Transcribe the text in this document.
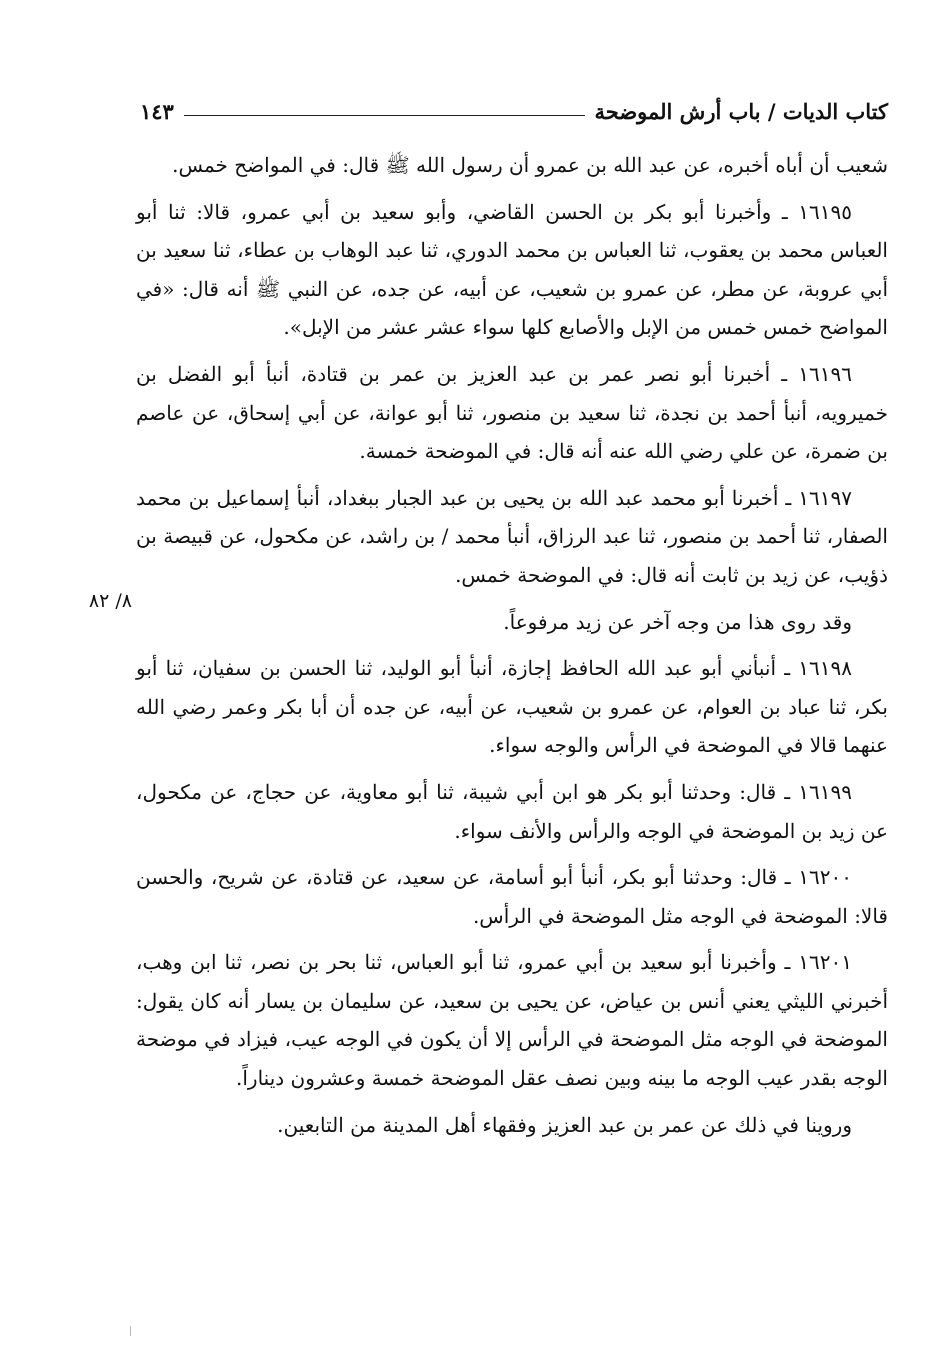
كتاب الديات / باب أرش الموضحة
١٤٣
٨/ ٨٢

شعيب أن أباه أخبره، عن عبد الله بن عمرو أن رسول الله ﷺ قال: في المواضح خمس.

١٦١٩٥ ـ وأخبرنا أبو بكر بن الحسن القاضي، وأبو سعيد بن أبي عمرو، قالا: ثنا أبو العباس محمد بن يعقوب، ثنا العباس بن محمد الدوري، ثنا عبد الوهاب بن عطاء، ثنا سعيد بن أبي عروبة، عن مطر، عن عمرو بن شعيب، عن أبيه، عن جده، عن النبي ﷺ أنه قال: «في المواضح خمس خمس من الإبل والأصابع كلها سواء عشر عشر من الإبل».

١٦١٩٦ ـ أخبرنا أبو نصر عمر بن عبد العزيز بن عمر بن قتادة، أنبأ أبو الفضل بن خميرويه، أنبأ أحمد بن نجدة، ثنا سعيد بن منصور، ثنا أبو عوانة، عن أبي إسحاق، عن عاصم بن ضمرة، عن علي رضي الله عنه أنه قال: في الموضحة خمسة.

١٦١٩٧ ـ أخبرنا أبو محمد عبد الله بن يحيى بن عبد الجبار ببغداد، أنبأ إسماعيل بن محمد الصفار، ثنا أحمد بن منصور، ثنا عبد الرزاق، أنبأ محمد / بن راشد، عن مكحول، عن قبيصة بن ذؤيب، عن زيد بن ثابت أنه قال: في الموضحة خمس.

وقد روى هذا من وجه آخر عن زيد مرفوعاً.

١٦١٩٨ ـ أنبأني أبو عبد الله الحافظ إجازة، أنبأ أبو الوليد، ثنا الحسن بن سفيان، ثنا أبو بكر، ثنا عباد بن العوام، عن عمرو بن شعيب، عن أبيه، عن جده أن أبا بكر وعمر رضي الله عنهما قالا في الموضحة في الرأس والوجه سواء.

١٦١٩٩ ـ قال: وحدثنا أبو بكر هو ابن أبي شيبة، ثنا أبو معاوية، عن حجاج، عن مكحول، عن زيد بن الموضحة في الوجه والرأس والأنف سواء.

١٦٢٠٠ ـ قال: وحدثنا أبو بكر، أنبأ أبو أسامة، عن سعيد، عن قتادة، عن شريح، والحسن قالا: الموضحة في الوجه مثل الموضحة في الرأس.

١٦٢٠١ ـ وأخبرنا أبو سعيد بن أبي عمرو، ثنا أبو العباس، ثنا بحر بن نصر، ثنا ابن وهب، أخبرني الليثي يعني أنس بن عياض، عن يحيى بن سعيد، عن سليمان بن يسار أنه كان يقول: الموضحة في الوجه مثل الموضحة في الرأس إلا أن يكون في الوجه عيب، فيزاد في موضحة الوجه بقدر عيب الوجه ما بينه وبين نصف عقل الموضحة خمسة وعشرون ديناراً.

وروينا في ذلك عن عمر بن عبد العزيز وفقهاء أهل المدينة من التابعين.
